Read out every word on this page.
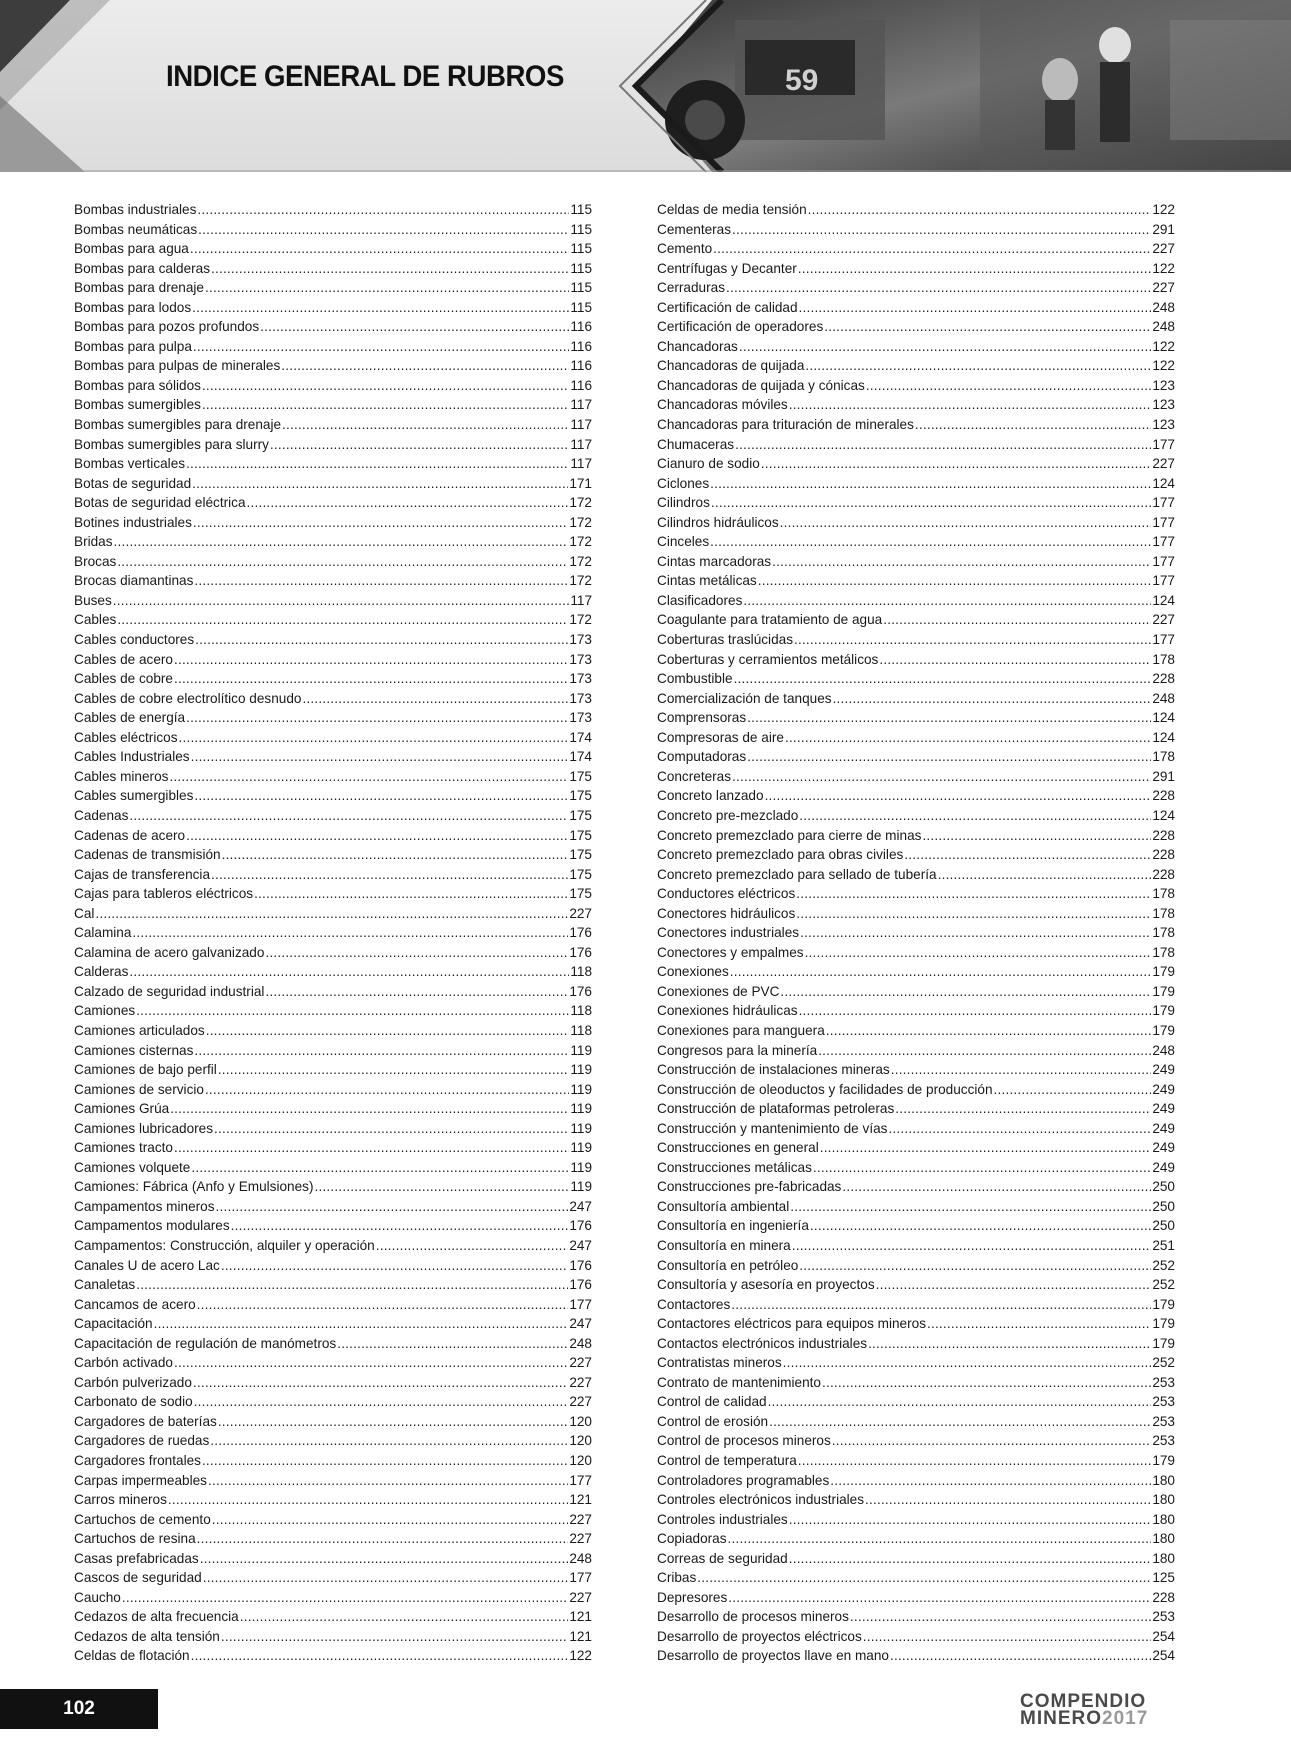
59
INDICE GENERAL DE RUBROS
Bombas industriales .....	115
Bombas neumáticas .....	115
Bombas para agua .....	115
Bombas para calderas .....	115
Bombas para drenaje .....	115
Bombas para lodos .....	115
Bombas para pozos profundos .....	116
Bombas para pulpa .....	116
Bombas para pulpas de minerales .....	116
Bombas para sólidos .....	116
Bombas sumergibles .....	117
Bombas sumergibles para drenaje .....	117
Bombas sumergibles para slurry .....	117
Bombas verticales .....	117
Botas de seguridad .....	171
Botas de seguridad eléctrica .....	172
Botines industriales .....	172
Bridas .....	172
Brocas .....	172
Brocas diamantinas .....	172
Buses .....	117
Cables .....	172
Cables conductores .....	173
Cables de acero .....	173
Cables de cobre .....	173
Cables de cobre electrolítico desnudo .....	173
Cables de energía .....	173
Cables eléctricos .....	174
Cables Industriales .....	174
Cables mineros .....	175
Cables sumergibles .....	175
Cadenas .....	175
Cadenas de acero .....	175
Cadenas de transmisión .....	175
Cajas de transferencia .....	175
Cajas para tableros eléctricos .....	175
Cal .....	227
Calamina .....	176
Calamina de acero galvanizado .....	176
Calderas .....	118
Calzado de seguridad industrial .....	176
Camiones .....	118
Camiones articulados .....	118
Camiones cisternas .....	119
Camiones de bajo perfil .....	119
Camiones de servicio .....	119
Camiones Grúa .....	119
Camiones lubricadores .....	119
Camiones tracto .....	119
Camiones volquete .....	119
Camiones: Fábrica (Anfo y Emulsiones) .....	119
Campamentos mineros .....	247
Campamentos modulares .....	176
Campamentos: Construcción, alquiler y operación .....	247
Canales U de acero Lac .....	176
Canaletas .....	176
Cancamos de acero .....	177
Capacitación .....	247
Capacitación de regulación de manómetros .....	248
Carbón activado .....	227
Carbón pulverizado .....	227
Carbonato de sodio .....	227
Cargadores de baterías .....	120
Cargadores de ruedas .....	120
Cargadores frontales .....	120
Carpas impermeables .....	177
Carros mineros .....	121
Cartuchos de cemento .....	227
Cartuchos de resina .....	227
Casas prefabricadas .....	248
Cascos de seguridad .....	177
Caucho .....	227
Cedazos de alta frecuencia .....	121
Cedazos de alta tensión .....	121
Celdas de flotación .....	122
Celdas de media tensión .....	122
Cementeras .....	291
Cemento .....	227
Centrífugas y Decanter .....	122
Cerraduras .....	227
Certificación de calidad .....	248
Certificación de operadores .....	248
Chancadoras .....	122
Chancadoras de quijada .....	122
Chancadoras de quijada y cónicas .....	123
Chancadoras móviles .....	123
Chancadoras para trituración de minerales .....	123
Chumaceras .....	177
Cianuro de sodio .....	227
Ciclones .....	124
Cilindros .....	177
Cilindros hidráulicos .....	177
Cinceles .....	177
Cintas marcadoras .....	177
Cintas metálicas .....	177
Clasificadores .....	124
Coagulante para tratamiento de agua .....	227
Coberturas traslúcidas .....	177
Coberturas y cerramientos metálicos .....	178
Combustible .....	228
Comercialización de tanques .....	248
Comprensoras .....	124
Compresoras de aire .....	124
Computadoras .....	178
Concreteras .....	291
Concreto lanzado .....	228
Concreto pre-mezclado .....	124
Concreto premezclado para cierre de minas .....	228
Concreto premezclado para obras civiles .....	228
Concreto premezclado para sellado de tubería .....	228
Conductores eléctricos .....	178
Conectores hidráulicos .....	178
Conectores industriales .....	178
Conectores y empalmes .....	178
Conexiones .....	179
Conexiones de PVC .....	179
Conexiones hidráulicas .....	179
Conexiones para manguera .....	179
Congresos para la minería .....	248
Construcción de instalaciones mineras .....	249
Construcción de oleoductos y facilidades de producción .....	249
Construcción de plataformas petroleras .....	249
Construcción y mantenimiento de vías .....	249
Construcciones en general .....	249
Construcciones metálicas .....	249
Construcciones pre-fabricadas .....	250
Consultoría ambiental .....	250
Consultoría en ingeniería .....	250
Consultoría en minera .....	251
Consultoría en petróleo .....	252
Consultoría y asesoría en proyectos .....	252
Contactores .....	179
Contactores eléctricos para equipos mineros .....	179
Contactos electrónicos industriales .....	179
Contratistas mineros .....	252
Contrato de mantenimiento .....	253
Control de calidad .....	253
Control de erosión .....	253
Control de procesos mineros .....	253
Control de temperatura .....	179
Controladores programables .....	180
Controles electrónicos industriales .....	180
Controles industriales .....	180
Copiadoras .....	180
Correas de seguridad .....	180
Cribas .....	125
Depresores .....	228
Desarrollo de procesos mineros .....	253
Desarrollo de proyectos eléctricos .....	254
Desarrollo de proyectos llave en mano .....	254
102	COMPENDIO
MINERO2017
